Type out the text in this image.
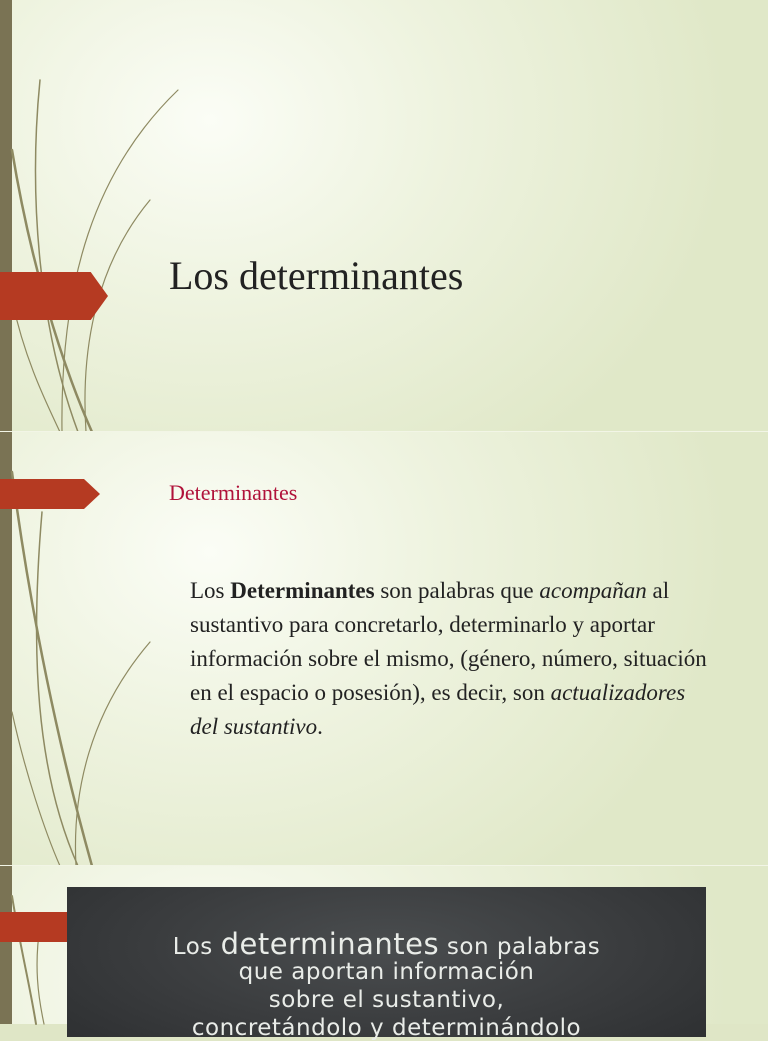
Los determinantes
Determinantes
Los Determinantes son palabras que acompañan al sustantivo para concretarlo, determinarlo y aportar información sobre el mismo, (género, número, situación en el espacio o posesión), es decir, son actualizadores del sustantivo.
Los determinantes son palabras
que aportan información
sobre el sustantivo,
concretándolo y determinándolo
